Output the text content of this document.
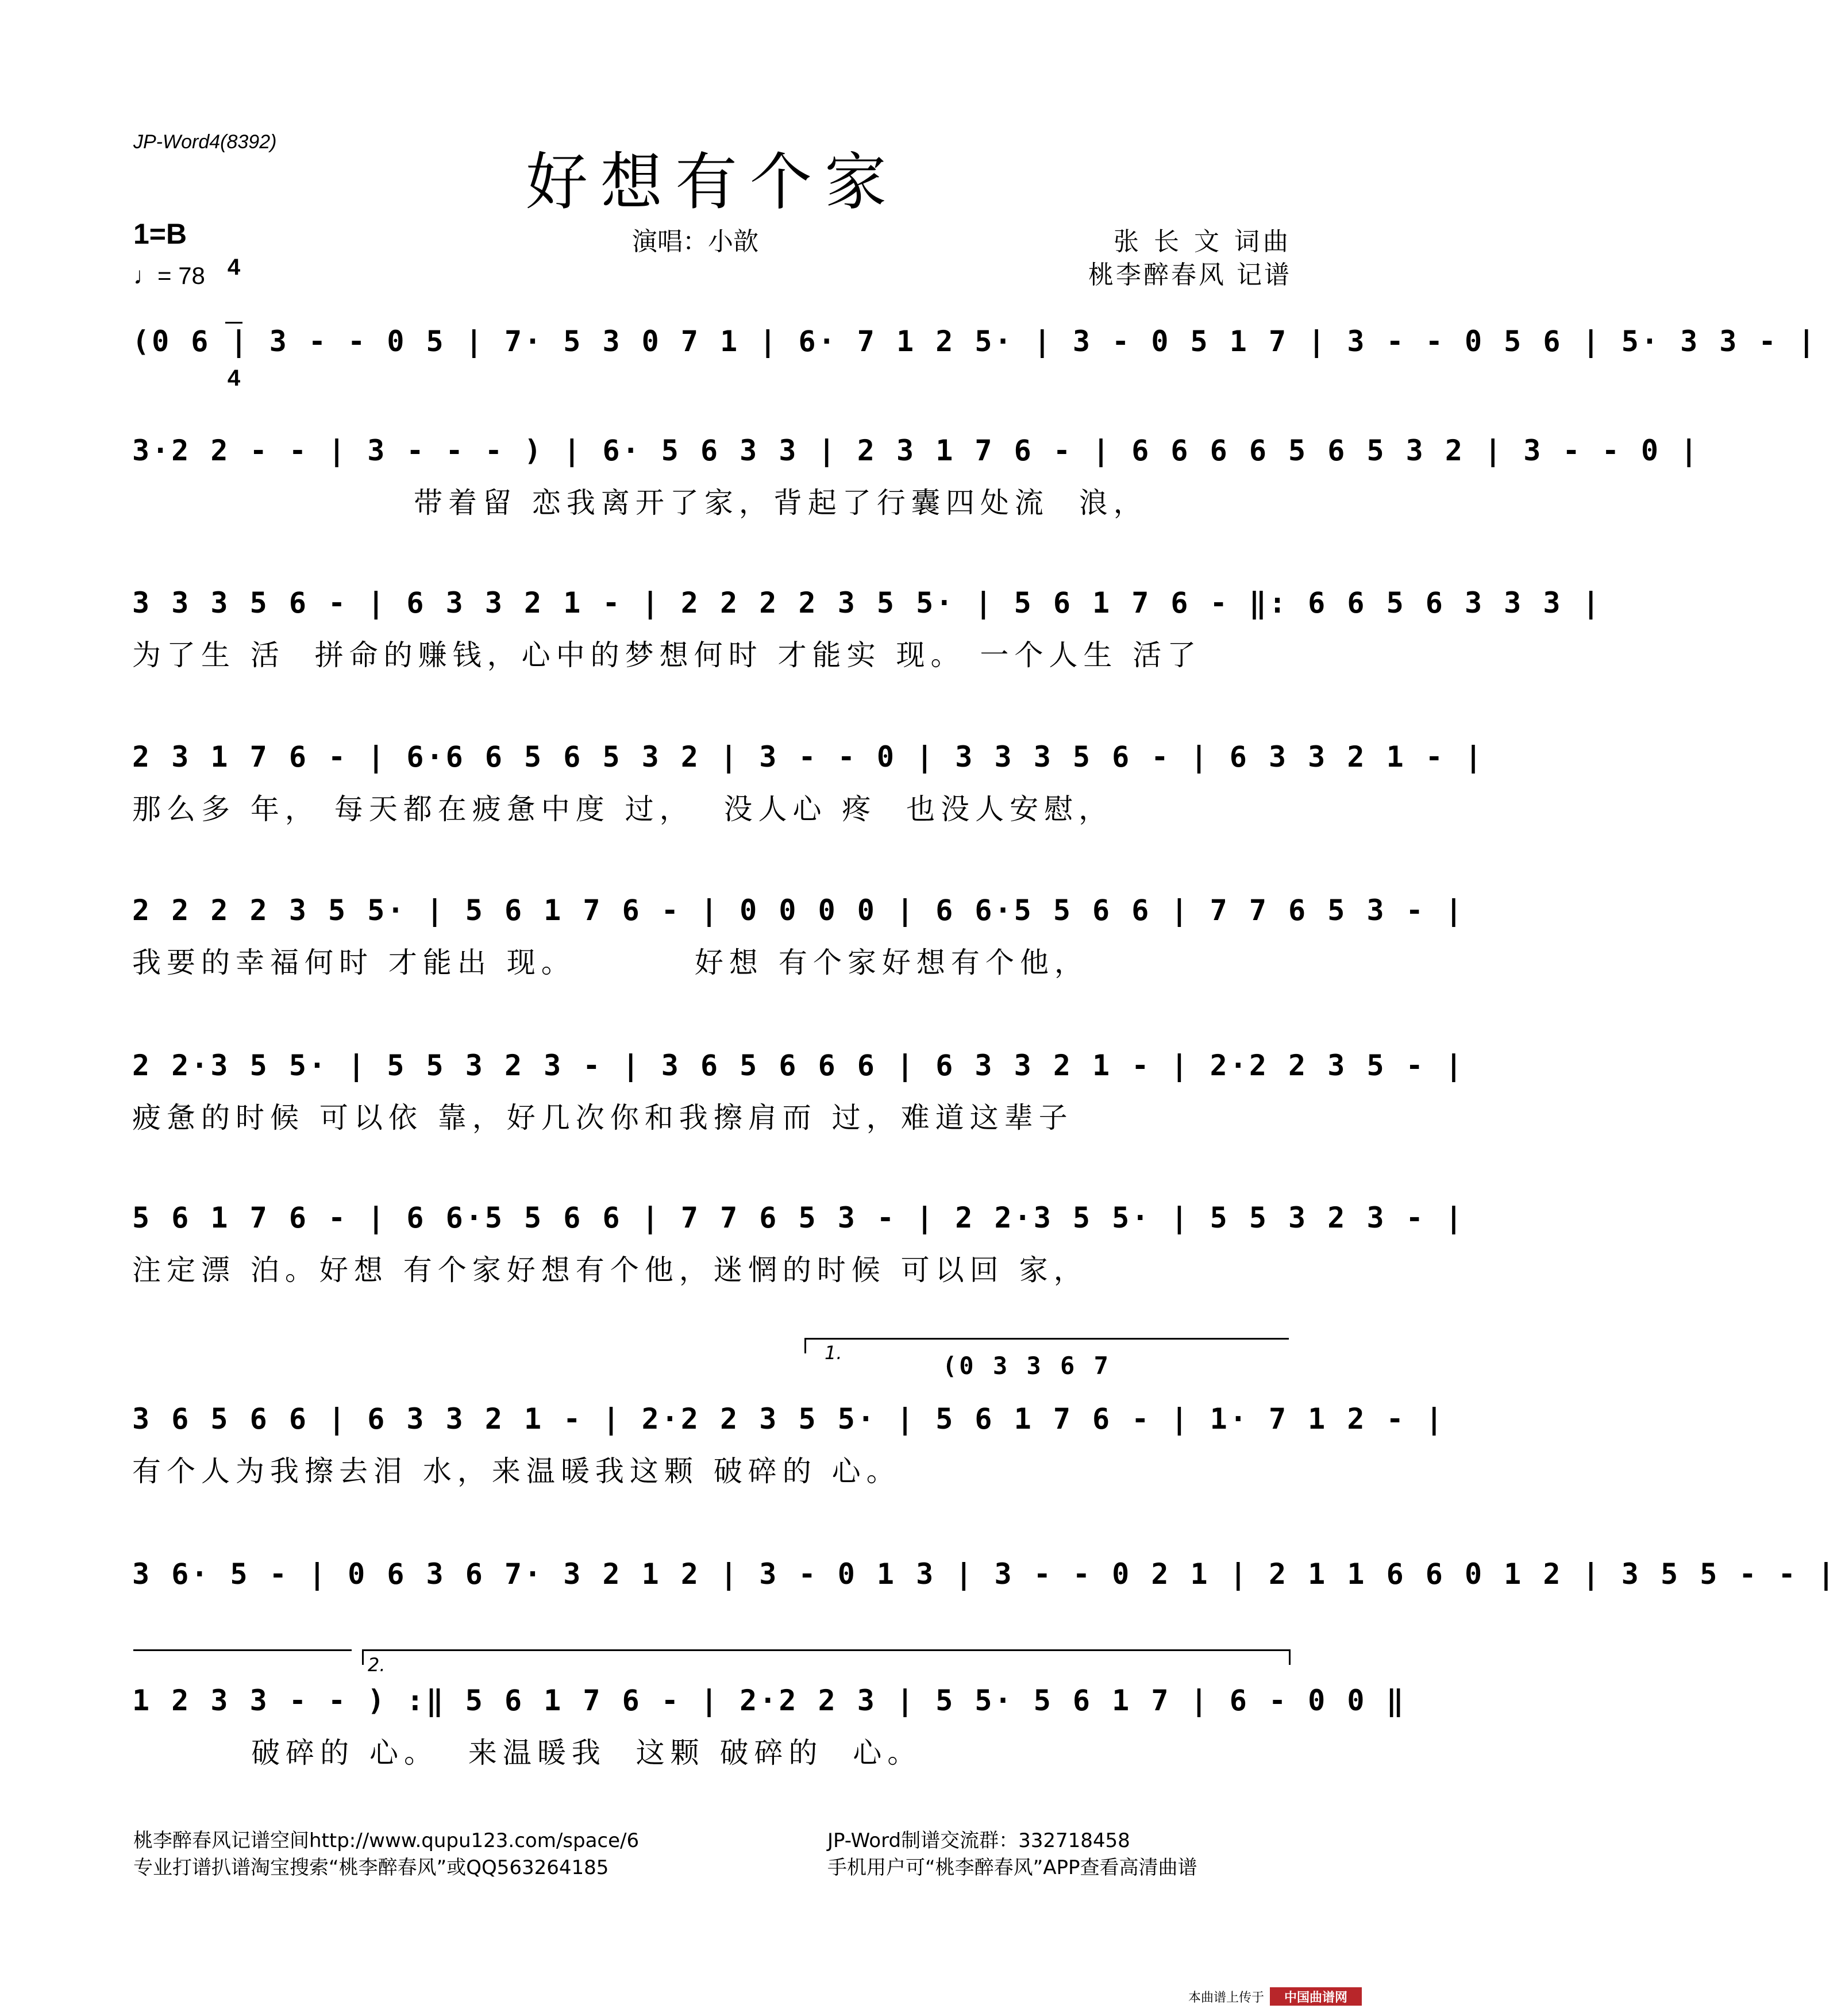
JP-Word4(8392)
好想有个家
1=B

4

4

♩= 78
演唱：小歆	张 长 文 词曲
桃李醉春风 记谱
(0 6 | 3 - - 0 5 | 7· 5 3 0 7 1 | 6· 7 1 2 5· | 3 - 0 5 1 7 | 3 - - 0 5 6 | 5· 3 3 - |
3·2 2 - - | 3 - - - ) | 6· 5 6 3 3 | 2 3 1 7 6 - | 6 6 6 6 5 6 5 3 2 | 3 - - 0 |
带着留 恋我离开了家，背起了行囊四处流  浪，
3 3 3 5 6 - | 6 3 3 2 1 - | 2 2 2 2 3 5 5· | 5 6 1 7 6 - ‖: 6 6 5 6 3 3 3 |
为了生 活  拼命的赚钱，心中的梦想何时 才能实 现。 一个人生 活了
2 3 1 7 6 - | 6·6 6 5 6 5 3 2 | 3 - - 0 | 3 3 3 5 6 - | 6 3 3 2 1 - |
那么多 年， 每天都在疲惫中度 过，  没人心 疼  也没人安慰，
2 2 2 2 3 5 5· | 5 6 1 7 6 - | 0 0 0 0 | 6 6·5 5 6 6 | 7 7 6 5 3 - |
我要的幸福何时 才能出 现。        好想 有个家好想有个他，
2 2·3 5 5· | 5 5 3 2 3 - | 3 6 5 6 6 6 | 6 3 3 2 1 - | 2·2 2 3 5 - |
疲惫的时候 可以依 靠，好几次你和我擦肩而 过，难道这辈子
5 6 1 7 6 - | 6 6·5 5 6 6 | 7 7 6 5 3 - | 2 2·3 5 5· | 5 5 3 2 3 - |
注定漂 泊。好想 有个家好想有个他，迷惘的时候 可以回 家，
1.	(0 3 3 6 7
3 6 5 6 6 | 6 3 3 2 1 - | 2·2 2 3 5 5· | 5 6 1 7 6 - | 1· 7 1 2 - |
有个人为我擦去泪 水，来温暖我这颗 破碎的 心。
3 6· 5 - | 0 6 3 6 7· 3 2 1 2 | 3 - 0 1 3 | 3 - - 0 2 1 | 2 1 1 6 6 0 1 2 | 3 5 5 - - |
2.
1 2 3 3 - - ) :‖ 5 6 1 7 6 - | 2·2 2 3 | 5 5· 5 6 1 7 | 6 - 0 0 ‖
破碎的 心。  来温暖我  这颗 破碎的  心。
桃李醉春风记谱空间http://www.qupu123.com/space/6
专业打谱扒谱淘宝搜索“桃李醉春风”或QQ563264185
JP-Word制谱交流群：332718458
手机用户可“桃李醉春风”APP查看高清曲谱
本曲谱上传于 中国曲谱网
